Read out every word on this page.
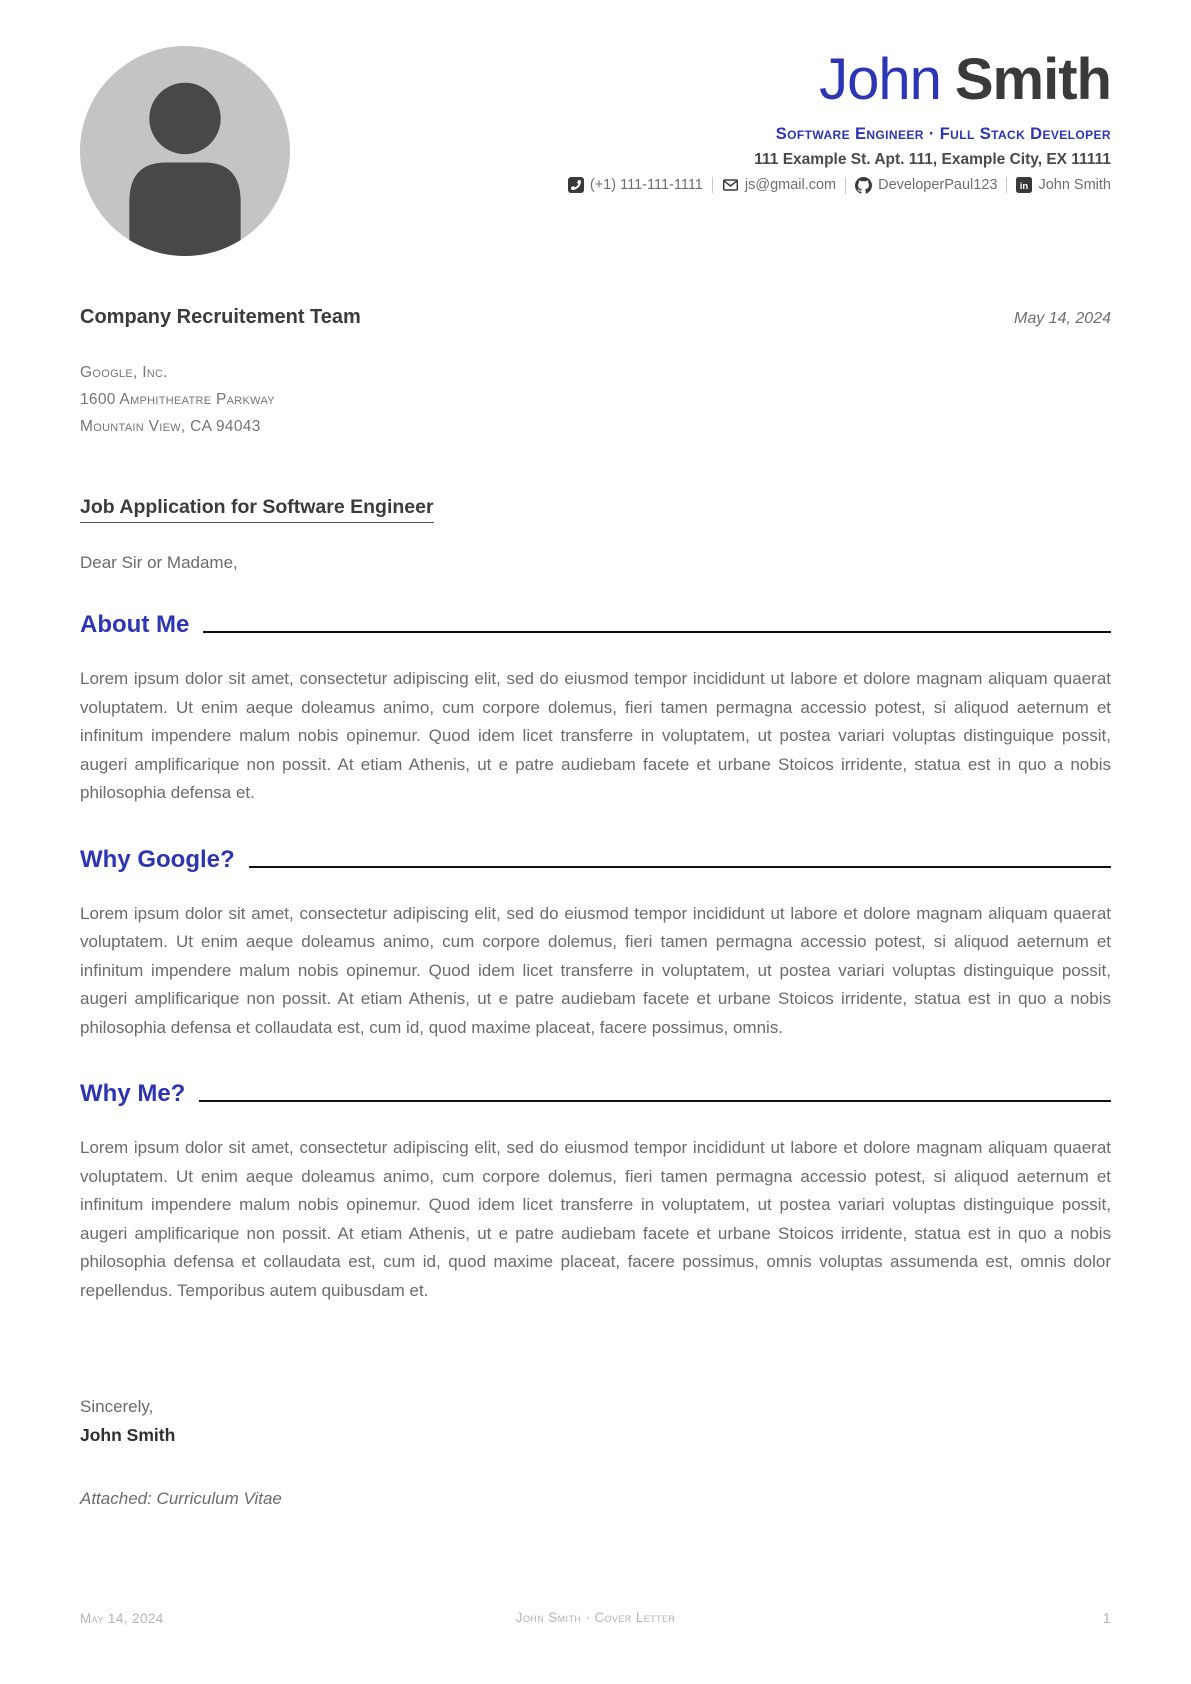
John Smith
Software Engineer · Full Stack Developer
111 Example St. Apt. 111, Example City, EX 11111
(+1) 111-111-1111	js@gmail.com	DeveloperPaul123 in John Smith
Company Recruitement Team	May 14, 2024
Google, Inc.
1600 Amphitheatre Parkway
Mountain View, CA 94043
Job Application for Software Engineer
Dear Sir or Madame,
About Me

Lorem ipsum dolor sit amet, consectetur adipiscing elit, sed do eiusmod tempor incididunt ut labore et dolore magnam aliquam quaerat voluptatem. Ut enim aeque doleamus animo, cum corpore dolemus, fieri tamen permagna accessio potest, si aliquod aeternum et infinitum impendere malum nobis opinemur. Quod idem licet transferre in voluptatem, ut postea variari voluptas distinguique possit, augeri amplificarique non possit. At etiam Athenis, ut e patre audiebam facete et urbane Stoicos irridente, statua est in quo a nobis philosophia defensa et.

Why Google?

Lorem ipsum dolor sit amet, consectetur adipiscing elit, sed do eiusmod tempor incididunt ut labore et dolore magnam aliquam quaerat voluptatem. Ut enim aeque doleamus animo, cum corpore dolemus, fieri tamen permagna accessio potest, si aliquod aeternum et infinitum impendere malum nobis opinemur. Quod idem licet transferre in voluptatem, ut postea variari voluptas distinguique possit, augeri amplificarique non possit. At etiam Athenis, ut e patre audiebam facete et urbane Stoicos irridente, statua est in quo a nobis philosophia defensa et collaudata est, cum id, quod maxime placeat, facere possimus, omnis.

Why Me?

Lorem ipsum dolor sit amet, consectetur adipiscing elit, sed do eiusmod tempor incididunt ut labore et dolore magnam aliquam quaerat voluptatem. Ut enim aeque doleamus animo, cum corpore dolemus, fieri tamen permagna accessio potest, si aliquod aeternum et infinitum impendere malum nobis opinemur. Quod idem licet transferre in voluptatem, ut postea variari voluptas distinguique possit, augeri amplificarique non possit. At etiam Athenis, ut e patre audiebam facete et urbane Stoicos irridente, statua est in quo a nobis philosophia defensa et collaudata est, cum id, quod maxime placeat, facere possimus, omnis voluptas assumenda est, omnis dolor repellendus. Temporibus autem quibusdam et.

Sincerely,
John Smith
Attached: Curriculum Vitae
May 14, 2024	John Smith · Cover Letter	1
